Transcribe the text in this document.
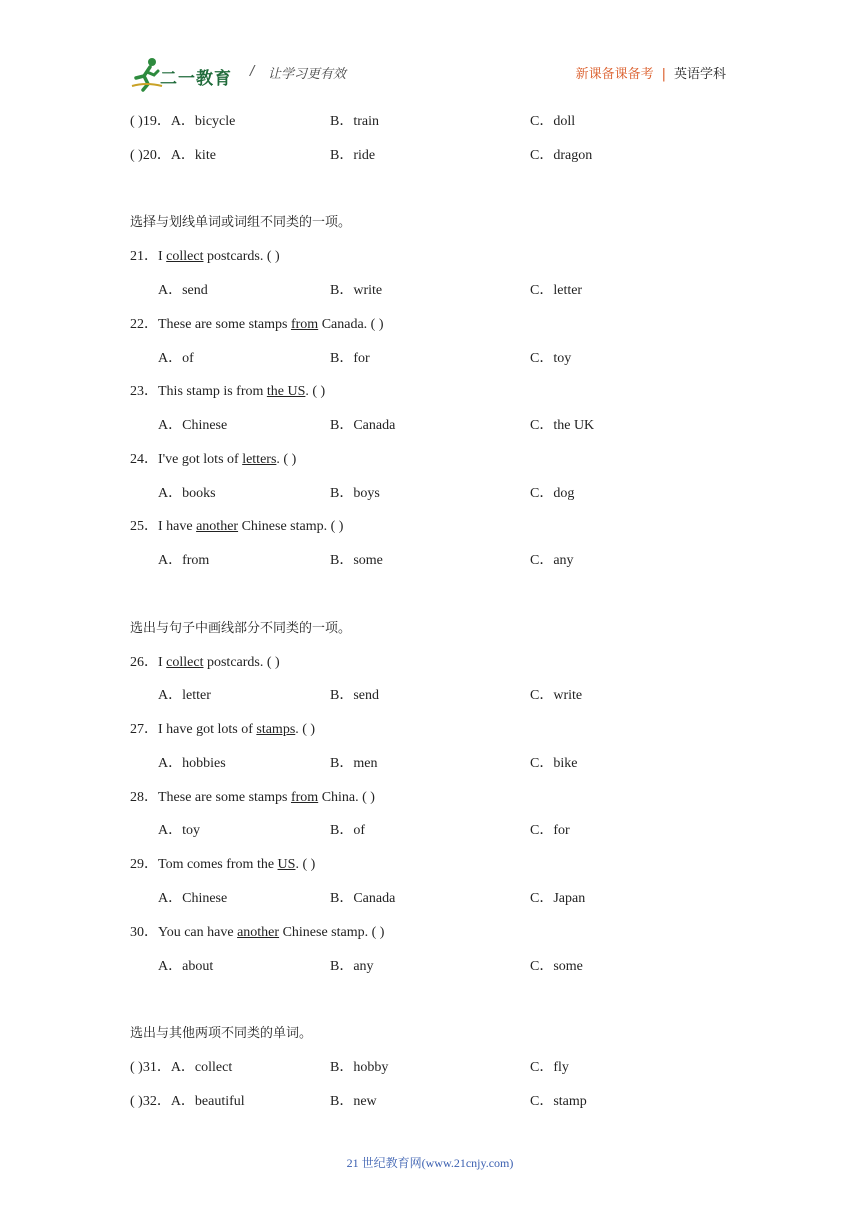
二一教育 / 让学习更有效	新课备课备考 | 英语学科
( )19．A．bicycle	B．train	C．doll
( )20．A．kite	B．ride	C．dragon
选择与划线单词或词组不同类的一项。
21．I collect postcards. ( )
A．send	B．write	C．letter
22．These are some stamps from Canada. ( )
A．of	B．for	C．toy
23．This stamp is from the US. ( )
A．Chinese	B．Canada	C．the UK
24．I've got lots of letters. ( )
A．books	B．boys	C．dog
25．I have another Chinese stamp. ( )
A．from	B．some	C．any
选出与句子中画线部分不同类的一项。
26．I collect postcards. ( )
A．letter	B．send	C．write
27．I have got lots of stamps. ( )
A．hobbies	B．men	C．bike
28．These are some stamps from China. ( )
A．toy	B．of	C．for
29．Tom comes from the US. ( )
A．Chinese	B．Canada	C．Japan
30．You can have another Chinese stamp. ( )
A．about	B．any	C．some
选出与其他两项不同类的单词。
( )31．A．collect	B．hobby	C．fly
( )32．A．beautiful	B．new	C．stamp
21 世纪教育网(www.21cnjy.com)
